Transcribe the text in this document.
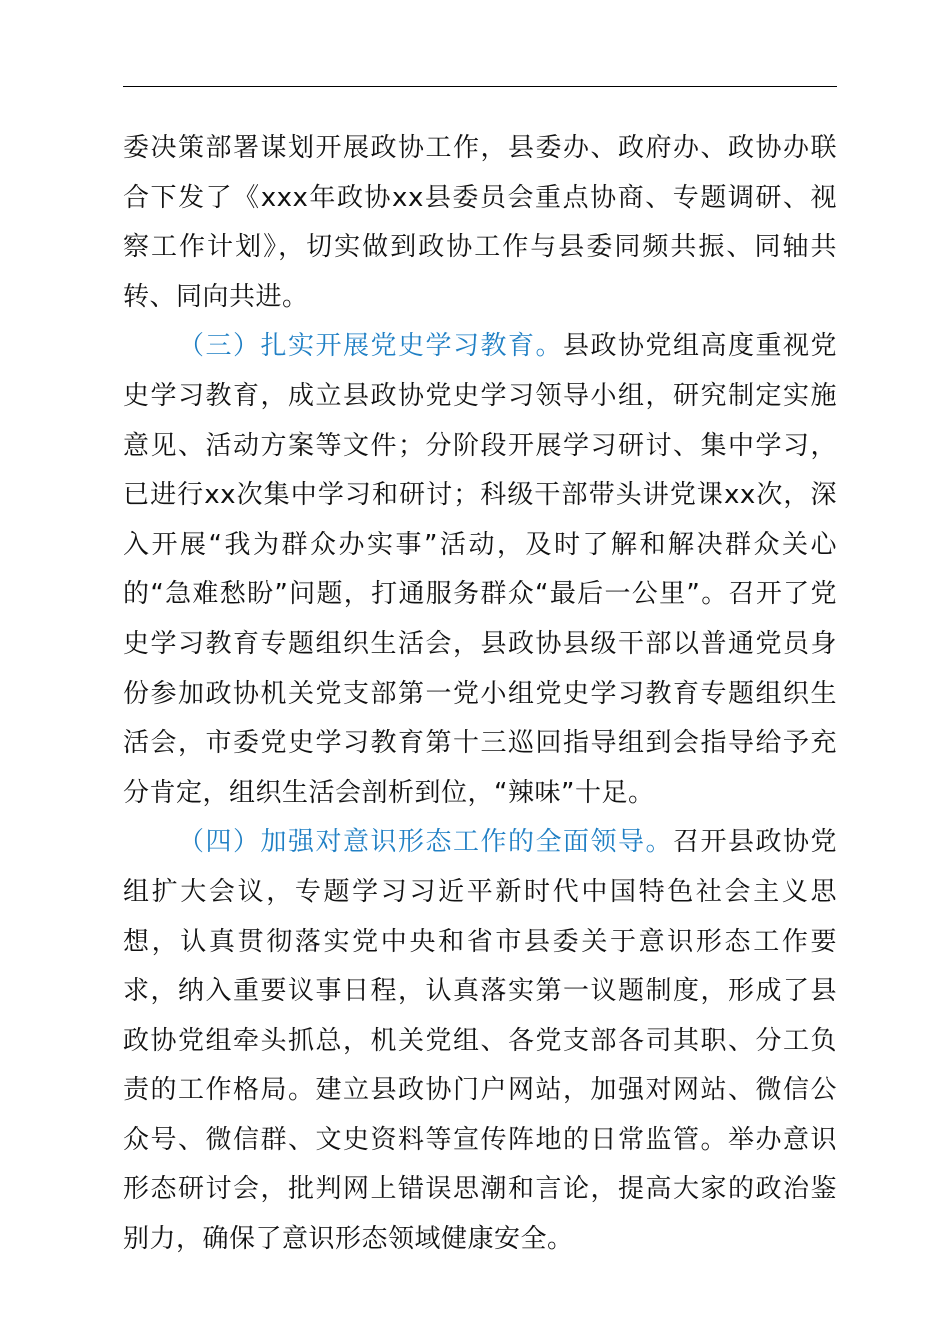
委决策部署谋划开展政协工作，县委办、政府办、政协办联合下发了《xxx年政协xx县委员会重点协商、专题调研、视察工作计划》，切实做到政协工作与县委同频共振、同轴共转、同向共进。

（三）扎实开展党史学习教育。县政协党组高度重视党史学习教育，成立县政协党史学习领导小组，研究制定实施意见、活动方案等文件；分阶段开展学习研讨、集中学习，已进行xx次集中学习和研讨；科级干部带头讲党课xx次，深入开展“我为群众办实事”活动，及时了解和解决群众关心的“急难愁盼”问题，打通服务群众“最后一公里”。召开了党史学习教育专题组织生活会，县政协县级干部以普通党员身份参加政协机关党支部第一党小组党史学习教育专题组织生活会，市委党史学习教育第十三巡回指导组到会指导给予充分肯定，组织生活会剖析到位，“辣味”十足。

（四）加强对意识形态工作的全面领导。召开县政协党组扩大会议，专题学习习近平新时代中国特色社会主义思想，认真贯彻落实党中央和省市县委关于意识形态工作要求，纳入重要议事日程，认真落实第一议题制度，形成了县政协党组牵头抓总，机关党组、各党支部各司其职、分工负责的工作格局。建立县政协门户网站，加强对网站、微信公众号、微信群、文史资料等宣传阵地的日常监管。举办意识形态研讨会，批判网上错误思潮和言论，提高大家的政治鉴别力，确保了意识形态领域健康安全。
